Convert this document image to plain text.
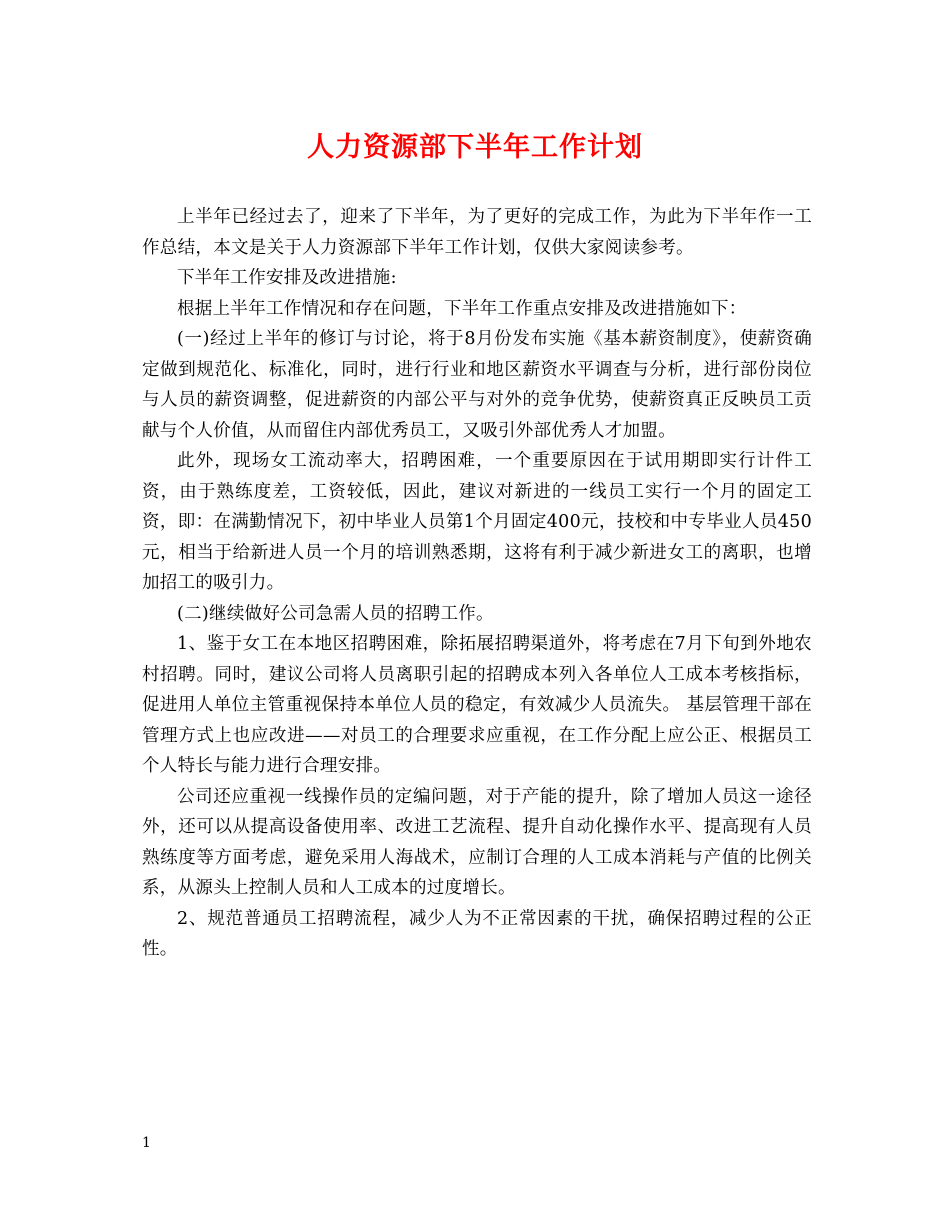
人力资源部下半年工作计划

上半年已经过去了，迎来了下半年，为了更好的完成工作，为此为下半年作一工作总结，本文是关于人力资源部下半年工作计划，仅供大家阅读参考。

下半年工作安排及改进措施:

根据上半年工作情况和存在问题，下半年工作重点安排及改进措施如下：

(一)经过上半年的修订与讨论，将于8月份发布实施《基本薪资制度》，使薪资确定做到规范化、标准化，同时，进行行业和地区薪资水平调查与分析，进行部份岗位与人员的薪资调整，促进薪资的内部公平与对外的竞争优势，使薪资真正反映员工贡献与个人价值，从而留住内部优秀员工，又吸引外部优秀人才加盟。

此外，现场女工流动率大，招聘困难，一个重要原因在于试用期即实行计件工资，由于熟练度差，工资较低，因此，建议对新进的一线员工实行一个月的固定工资，即：在满勤情况下，初中毕业人员第1个月固定400元，技校和中专毕业人员450元，相当于给新进人员一个月的培训熟悉期，这将有利于减少新进女工的离职，也增加招工的吸引力。

(二)继续做好公司急需人员的招聘工作。

1、鉴于女工在本地区招聘困难，除拓展招聘渠道外，将考虑在7月下旬到外地农村招聘。同时，建议公司将人员离职引起的招聘成本列入各单位人工成本考核指标，促进用人单位主管重视保持本单位人员的稳定，有效减少人员流失。 基层管理干部在管理方式上也应改进——对员工的合理要求应重视，在工作分配上应公正、根据员工个人特长与能力进行合理安排。

公司还应重视一线操作员的定编问题，对于产能的提升，除了增加人员这一途径外，还可以从提高设备使用率、改进工艺流程、提升自动化操作水平、提高现有人员熟练度等方面考虑，避免采用人海战术，应制订合理的人工成本消耗与产值的比例关系，从源头上控制人员和人工成本的过度增长。

2、规范普通员工招聘流程，减少人为不正常因素的干扰，确保招聘过程的公正性。

1
